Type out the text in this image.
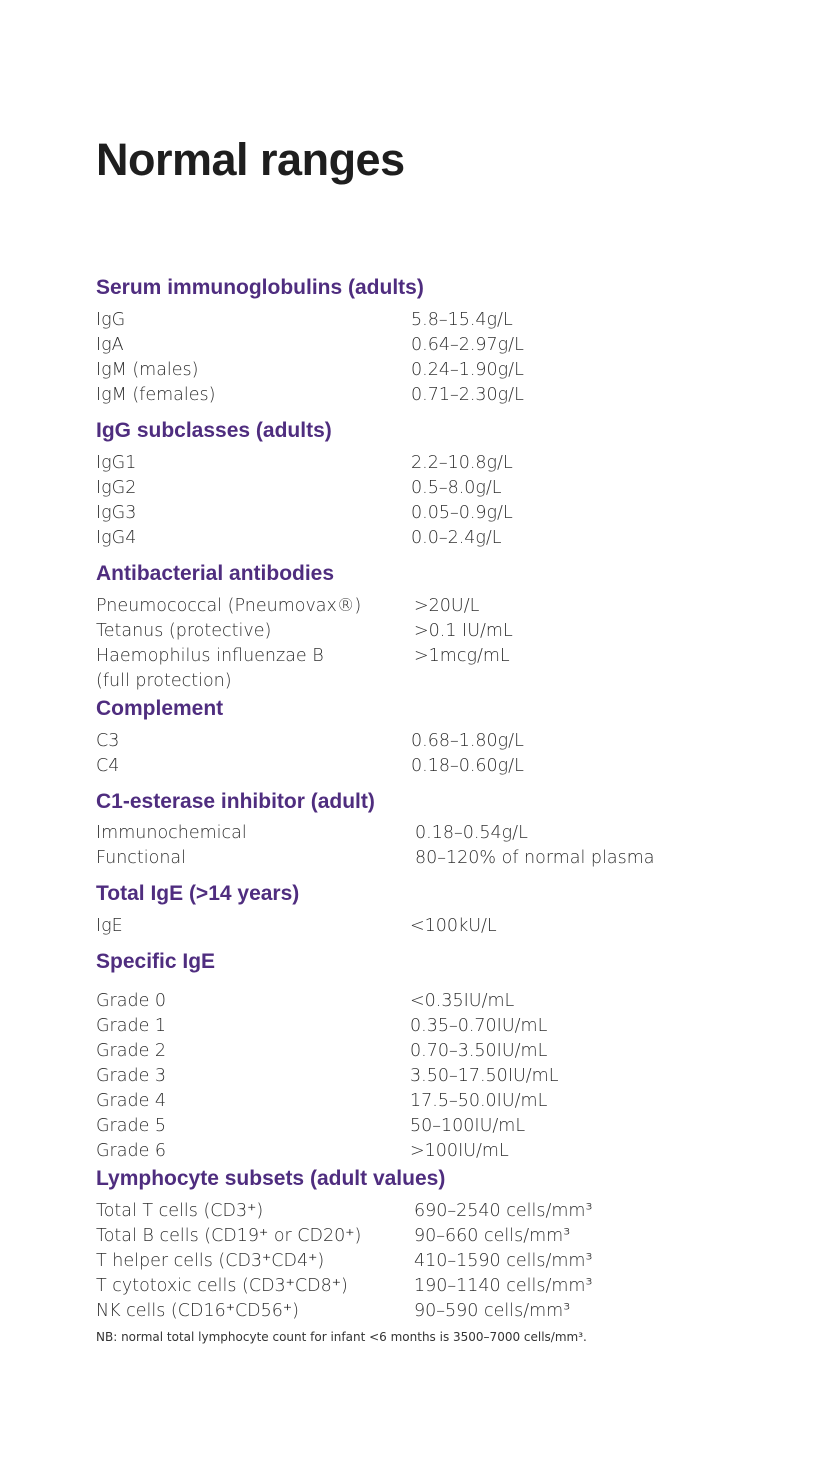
Normal ranges
Serum immunoglobulins (adults)
IgG	5.8–15.4g/L
IgA	0.64–2.97g/L
IgM (males)	0.24–1.90g/L
IgM (females)	0.71–2.30g/L
IgG subclasses (adults)
IgG1	2.2–10.8g/L
IgG2	0.5–8.0g/L
IgG3	0.05–0.9g/L
IgG4	0.0–2.4g/L
Antibacterial antibodies
Pneumococcal (Pneumovax®)	>20U/L
Tetanus (protective)	>0.1 IU/mL
Haemophilus influenzae B	>1mcg/mL
(full protection)
Complement
C3	0.68–1.80g/L
C4	0.18–0.60g/L
C1-esterase inhibitor (adult)
Immunochemical	0.18–0.54g/L
Functional	80–120% of normal plasma
Total IgE (>14 years)
IgE	<100kU/L
Specific IgE
Grade 0	<0.35IU/mL
Grade 1	0.35–0.70IU/mL
Grade 2	0.70–3.50IU/mL
Grade 3	3.50–17.50IU/mL
Grade 4	17.5–50.0IU/mL
Grade 5	50–100IU/mL
Grade 6	>100IU/mL
Lymphocyte subsets (adult values)
Total T cells (CD3⁺)	690–2540 cells/mm³
Total B cells (CD19⁺ or CD20⁺)	90–660 cells/mm³
T helper cells (CD3⁺CD4⁺)	410–1590 cells/mm³
T cytotoxic cells (CD3⁺CD8⁺)	190–1140 cells/mm³
NK cells (CD16⁺CD56⁺)	90–590 cells/mm³
NB: normal total lymphocyte count for infant <6 months is 3500–7000 cells/mm³.
